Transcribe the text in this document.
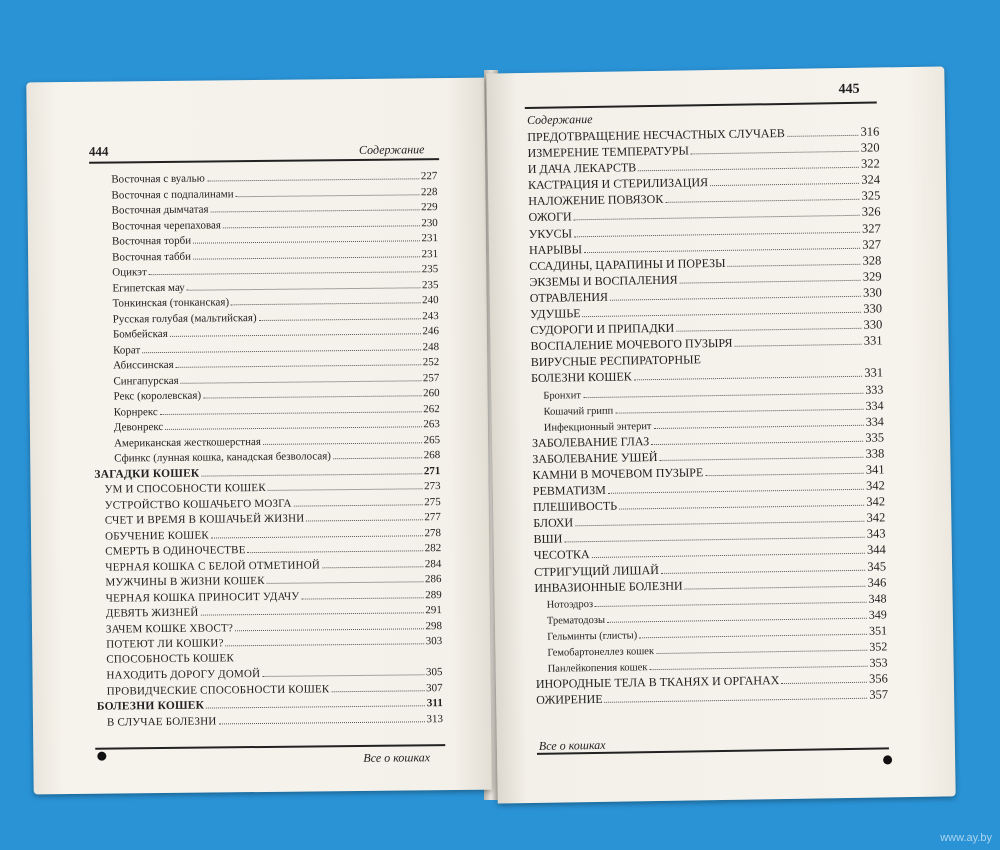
444	Содержание
Восточная с вуалью	227
Восточная с подпалинами	228
Восточная дымчатая	229
Восточная черепаховая	230
Восточная торби	231
Восточная табби	231
Оцикэт	235
Египетская мау	235
Тонкинская (тонканская)	240
Русская голубая (мальтийская)	243
Бомбейская	246
Корат	248
Абиссинская	252
Сингапурская	257
Рекс (королевская)	260
Корнрекс	262
Девонрекс	263
Американская жесткошерстная	265
Сфинкс (лунная кошка, канадская безволосая)	268
ЗАГАДКИ КОШЕК	271
УМ И СПОСОБНОСТИ КОШЕК	273
УСТРОЙСТВО КОШАЧЬЕГО МОЗГА	275
СЧЕТ И ВРЕМЯ В КОШАЧЬЕЙ ЖИЗНИ	277
ОБУЧЕНИЕ КОШЕК	278
СМЕРТЬ В ОДИНОЧЕСТВЕ	282
ЧЕРНАЯ КОШКА С БЕЛОЙ ОТМЕТИНОЙ	284
МУЖЧИНЫ В ЖИЗНИ КОШЕК	286
ЧЕРНАЯ КОШКА ПРИНОСИТ УДАЧУ	289
ДЕВЯТЬ ЖИЗНЕЙ	291
ЗАЧЕМ КОШКЕ ХВОСТ?	298
ПОТЕЮТ ЛИ КОШКИ?	303
СПОСОБНОСТЬ КОШЕК
НАХОДИТЬ ДОРОГУ ДОМОЙ	305
ПРОВИДЧЕСКИЕ СПОСОБНОСТИ КОШЕК	307
БОЛЕЗНИ КОШЕК	311
В СЛУЧАЕ БОЛЕЗНИ	313
Все о кошках
445
Содержание
ПРЕДОТВРАЩЕНИЕ НЕСЧАСТНЫХ СЛУЧАЕВ	316
ИЗМЕРЕНИЕ ТЕМПЕРАТУРЫ	320
И ДАЧА ЛЕКАРСТВ	322
КАСТРАЦИЯ И СТЕРИЛИЗАЦИЯ	324
НАЛОЖЕНИЕ ПОВЯЗОК	325
ОЖОГИ	326
УКУСЫ	327
НАРЫВЫ	327
ССАДИНЫ, ЦАРАПИНЫ И ПОРЕЗЫ	328
ЭКЗЕМЫ И ВОСПАЛЕНИЯ	329
ОТРАВЛЕНИЯ	330
УДУШЬЕ	330
СУДОРОГИ И ПРИПАДКИ	330
ВОСПАЛЕНИЕ МОЧЕВОГО ПУЗЫРЯ	331
ВИРУСНЫЕ РЕСПИРАТОРНЫЕ
БОЛЕЗНИ КОШЕК	331
Бронхит	333
Кошачий грипп	334
Инфекционный энтерит	334
ЗАБОЛЕВАНИЕ ГЛАЗ	335
ЗАБОЛЕВАНИЕ УШЕЙ	338
КАМНИ В МОЧЕВОМ ПУЗЫРЕ	341
РЕВМАТИЗМ	342
ПЛЕШИВОСТЬ	342
БЛОХИ	342
ВШИ	343
ЧЕСОТКА	344
СТРИГУЩИЙ ЛИШАЙ	345
ИНВАЗИОННЫЕ БОЛЕЗНИ	346
Нотоэдроз	348
Трематодозы	349
Гельминты (глисты)	351
Гемобартонеллез кошек	352
Панлейкопения кошек	353
ИНОРОДНЫЕ ТЕЛА В ТКАНЯХ И ОРГАНАХ	356
ОЖИРЕНИЕ	357
Все о кошках
www.ay.by
